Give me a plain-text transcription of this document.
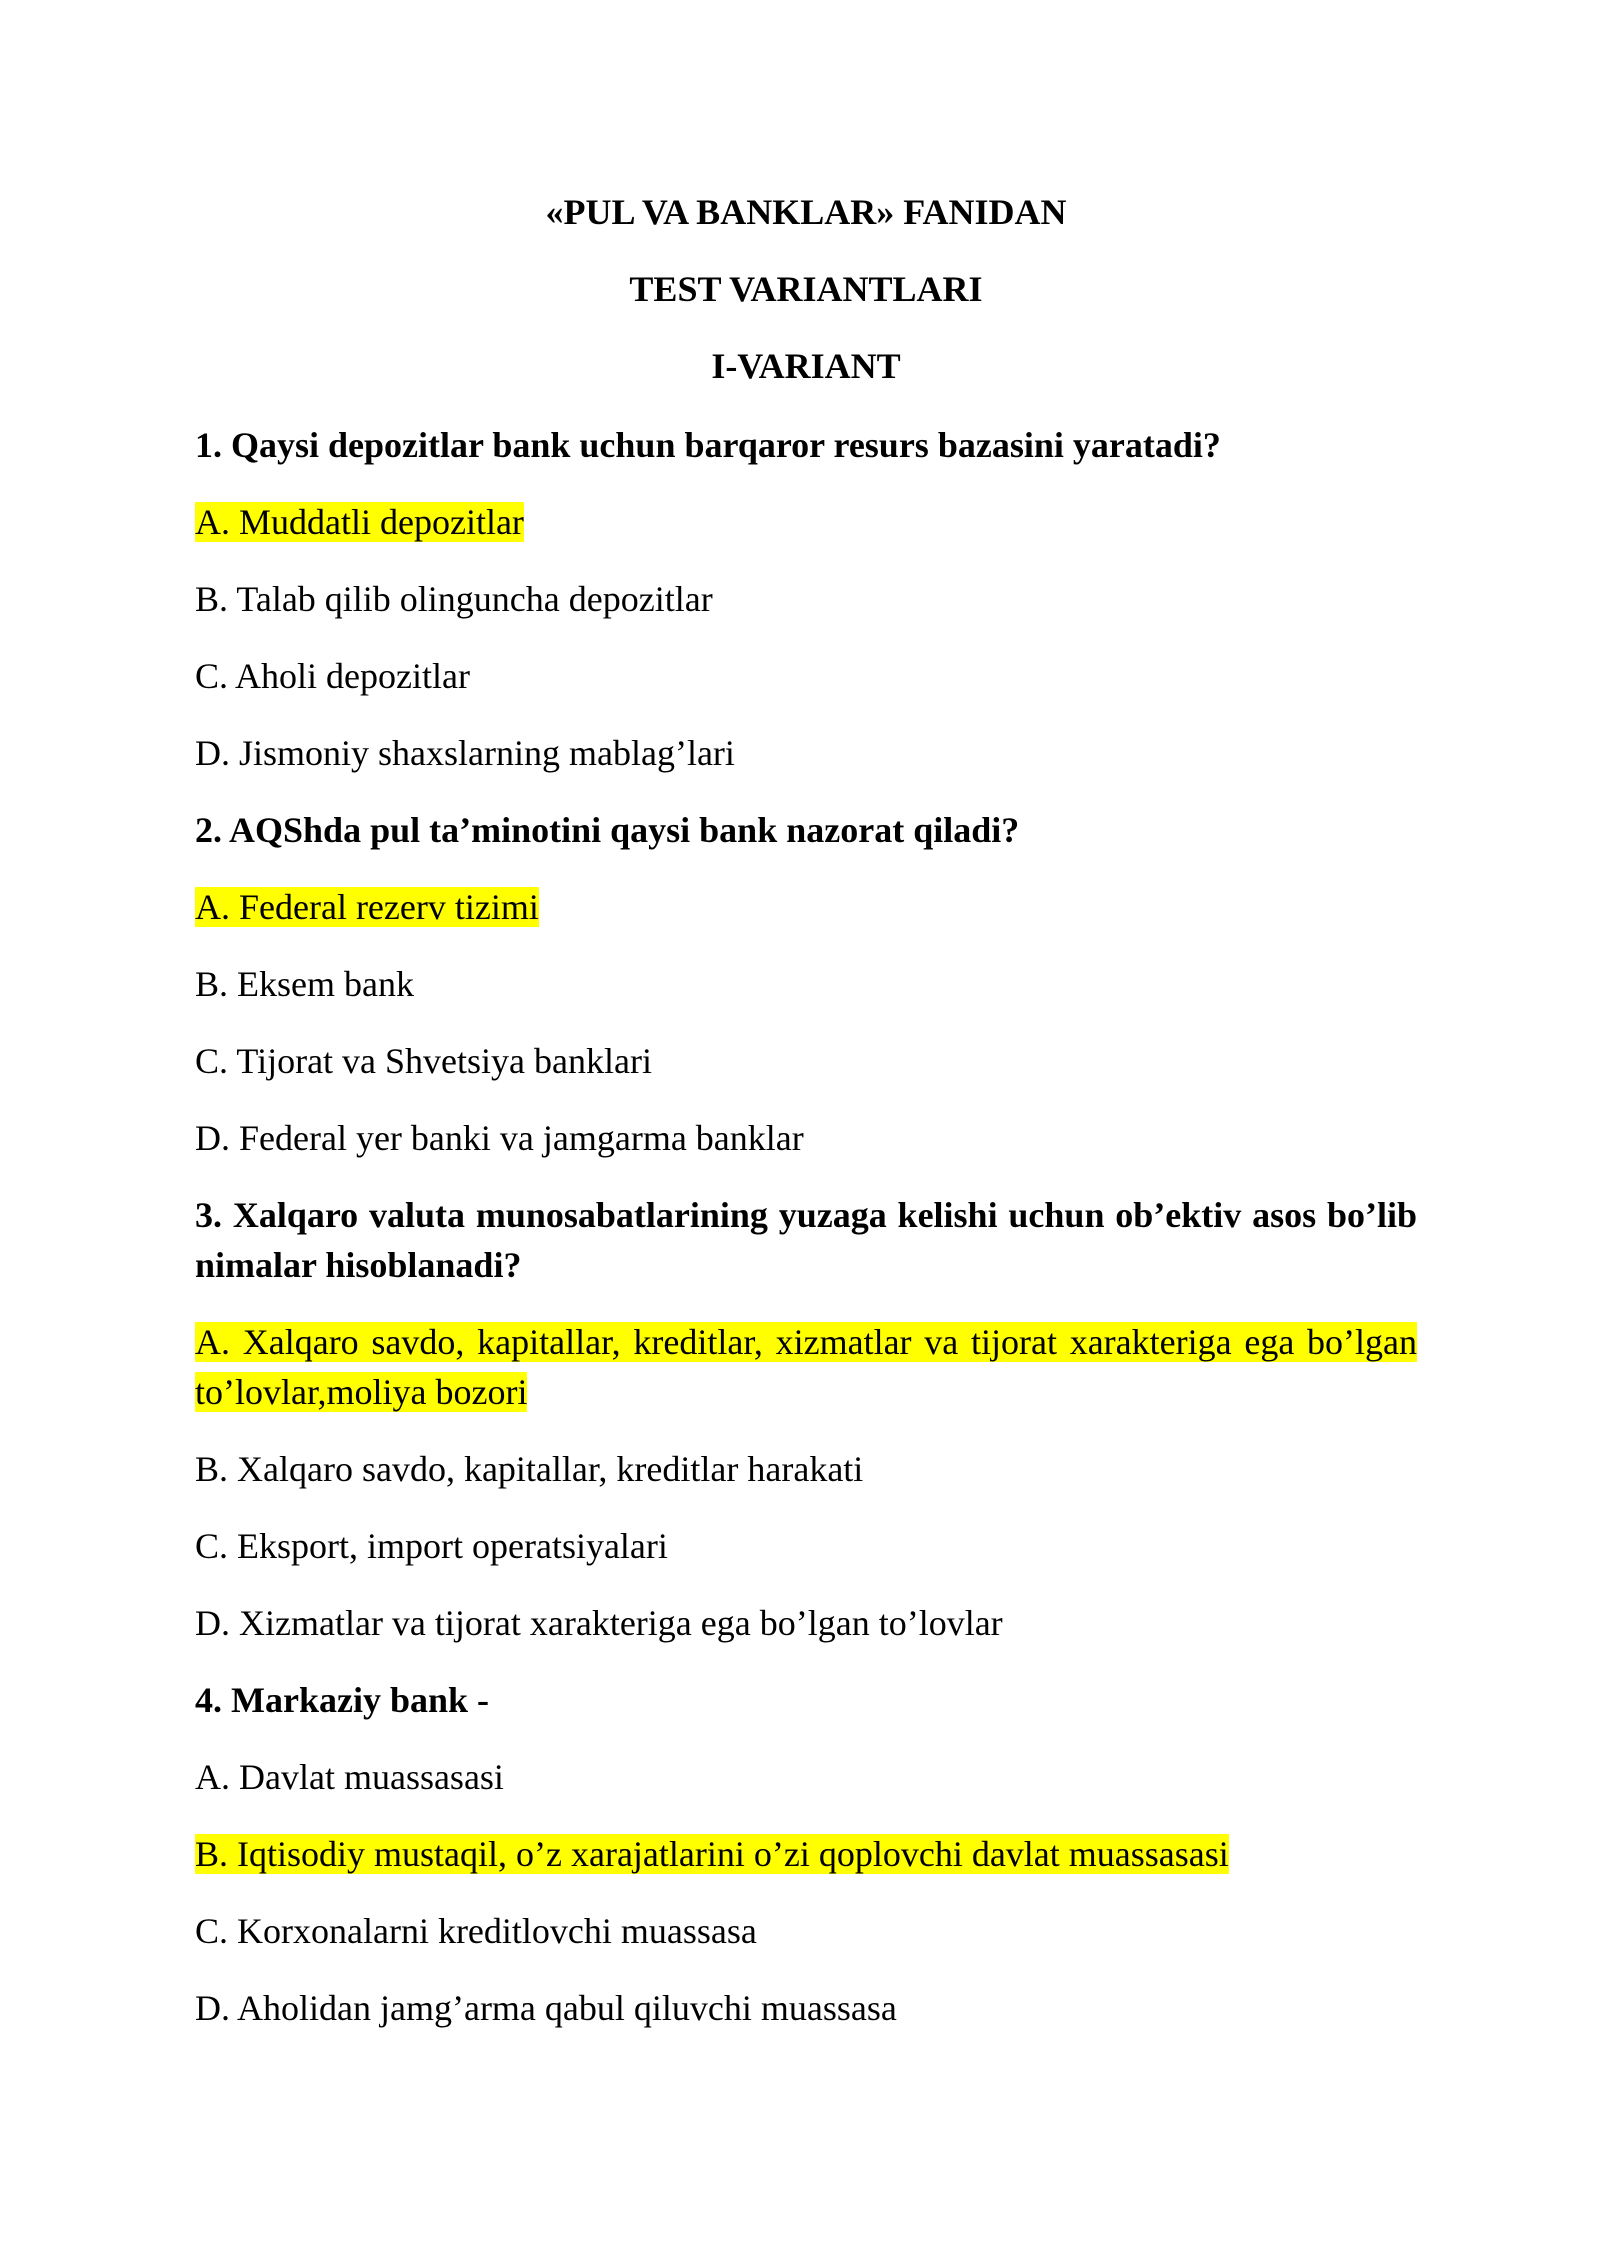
«PUL VA BANKLAR» FANIDAN
TEST VARIANTLARI
I-VARIANT

1. Qaysi depozitlar bank uchun barqaror resurs bazasini yaratadi?

A. Muddatli depozitlar

B. Talab qilib olinguncha depozitlar

C. Aholi depozitlar

D. Jismoniy shaxslarning mablag’lari

2. AQShda pul ta’minotini qaysi bank nazorat qiladi?

A. Federal rezerv tizimi

B. Eksem bank

C. Tijorat va Shvetsiya banklari

D. Federal yer banki va jamgarma banklar

3. Xalqaro valuta munosabatlarining yuzaga kelishi uchun ob’ektiv asos bo’lib nimalar hisoblanadi?

A. Xalqaro savdo, kapitallar, kreditlar, xizmatlar va tijorat xarakteriga ega bo’lgan to’lovlar,moliya bozori

B. Xalqaro savdo, kapitallar, kreditlar harakati

C. Eksport, import operatsiyalari

D. Xizmatlar va tijorat xarakteriga ega bo’lgan to’lovlar

4. Markaziy bank -

A. Davlat muassasasi

B. Iqtisodiy mustaqil, o’z xarajatlarini o’zi qoplovchi davlat muassasasi

C. Korxonalarni kreditlovchi muassasa

D. Aholidan jamg’arma qabul qiluvchi muassasa
